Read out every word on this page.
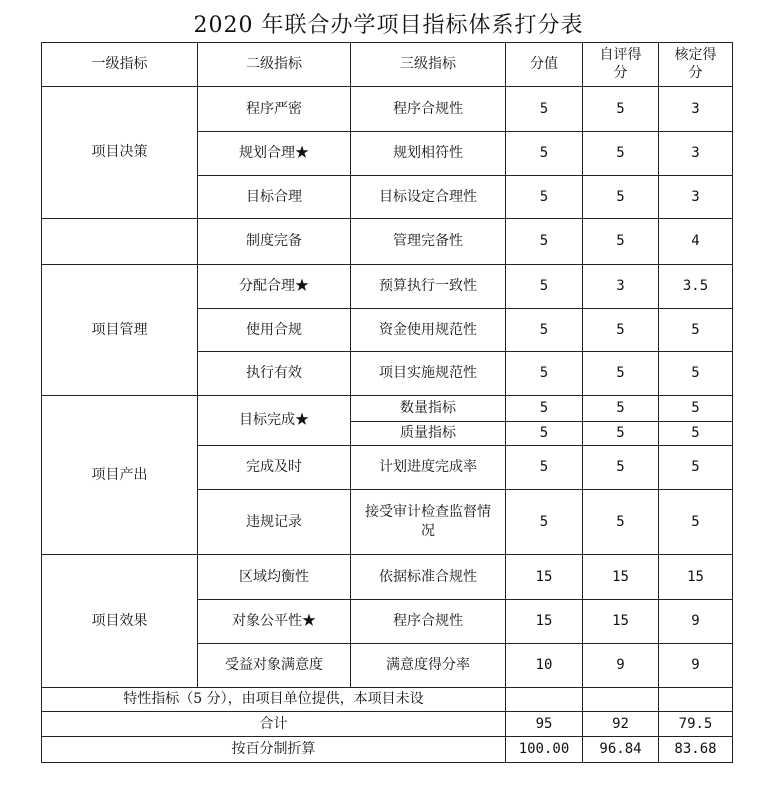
2020 年联合办学项目指标体系打分表
一级指标	二级指标	三级指标	分值	自评得分	核定得分
项目决策	程序严密	程序合规性	5	5	3
	规划合理★	规划相符性	5	5	3
	目标合理	目标设定合理性	5	5	3
	制度完备	管理完备性	5	5	4
项目管理	分配合理★	预算执行一致性	5	3	3.5
	使用合规	资金使用规范性	5	5	5
	执行有效	项目实施规范性	5	5	5
项目产出	目标完成★	数量指标	5	5	5
		质量指标	5	5	5
	完成及时	计划进度完成率	5	5	5
	违规记录	接受审计检查监督情况	5	5	5
项目效果	区域均衡性	依据标准合规性	15	15	15
	对象公平性★	程序合规性	15	15	9
	受益对象满意度	满意度得分率	10	9	9
特性指标（5 分），由项目单位提供，本项目未设					
合计			95	92	79.5
按百分制折算			100.00	96.84	83.68
